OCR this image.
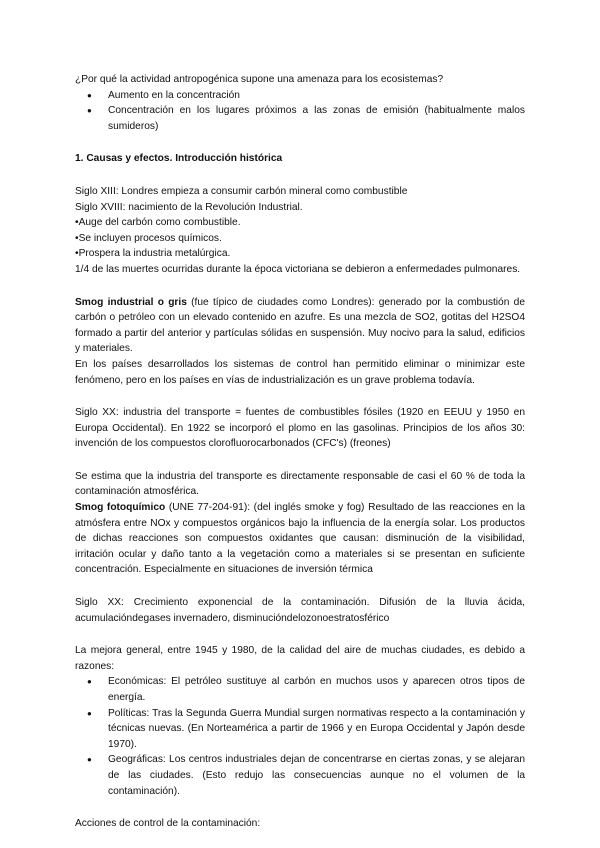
¿Por qué la actividad antropogénica supone una amenaza para los ecosistemas?

● Aumento en la concentración
● Concentración en los lugares próximos a las zonas de emisión (habitualmente malos sumideros)

1. Causas y efectos. Introducción histórica

Siglo XIII: Londres empieza a consumir carbón mineral como combustible

Siglo XVIII: nacimiento de la Revolución Industrial.

•Auge del carbón como combustible.

•Se incluyen procesos químicos.

•Prospera la industria metalúrgica.

1/4 de las muertes ocurridas durante la época victoriana se debieron a enfermedades pulmonares.

Smog industrial o gris (fue típico de ciudades como Londres): generado por la combustión de carbón o petróleo con un elevado contenido en azufre. Es una mezcla de SO2, gotitas del H2SO4 formado a partir del anterior y partículas sólidas en suspensión. Muy nocivo para la salud, edificios y materiales.

En los países desarrollados los sistemas de control han permitido eliminar o minimizar este fenómeno, pero en los países en vías de industrialización es un grave problema todavía.

Siglo XX: industria del transporte = fuentes de combustibles fósiles (1920 en EEUU y 1950 en Europa Occidental). En 1922 se incorporó el plomo en las gasolinas. Principios de los años 30: invención de los compuestos clorofluorocarbonados (CFC's) (freones)

Se estima que la industria del transporte es directamente responsable de casi el 60 % de toda la contaminación atmosférica.

Smog fotoquímico (UNE 77-204-91): (del inglés smoke y fog) Resultado de las reacciones en la atmósfera entre NOx y compuestos orgánicos bajo la influencia de la energía solar. Los productos de dichas reacciones son compuestos oxidantes que causan: disminución de la visibilidad, irritación ocular y daño tanto a la vegetación como a materiales si se presentan en suficiente concentración. Especialmente en situaciones de inversión térmica

Siglo XX: Crecimiento exponencial de la contaminación. Difusión de la lluvia ácida, acumulacióndegases invernadero, disminucióndelozonoestratosférico

La mejora general, entre 1945 y 1980, de la calidad del aire de muchas ciudades, es debido a razones:

● Económicas: El petróleo sustituye al carbón en muchos usos y aparecen otros tipos de energía.
● Políticas: Tras la Segunda Guerra Mundial surgen normativas respecto a la contaminación y técnicas nuevas. (En Norteamérica a partir de 1966 y en Europa Occidental y Japón desde 1970).
● Geográficas: Los centros industriales dejan de concentrarse en ciertas zonas, y se alejaran de las ciudades. (Esto redujo las consecuencias aunque no el volumen de la contaminación).

Acciones de control de la contaminación:
